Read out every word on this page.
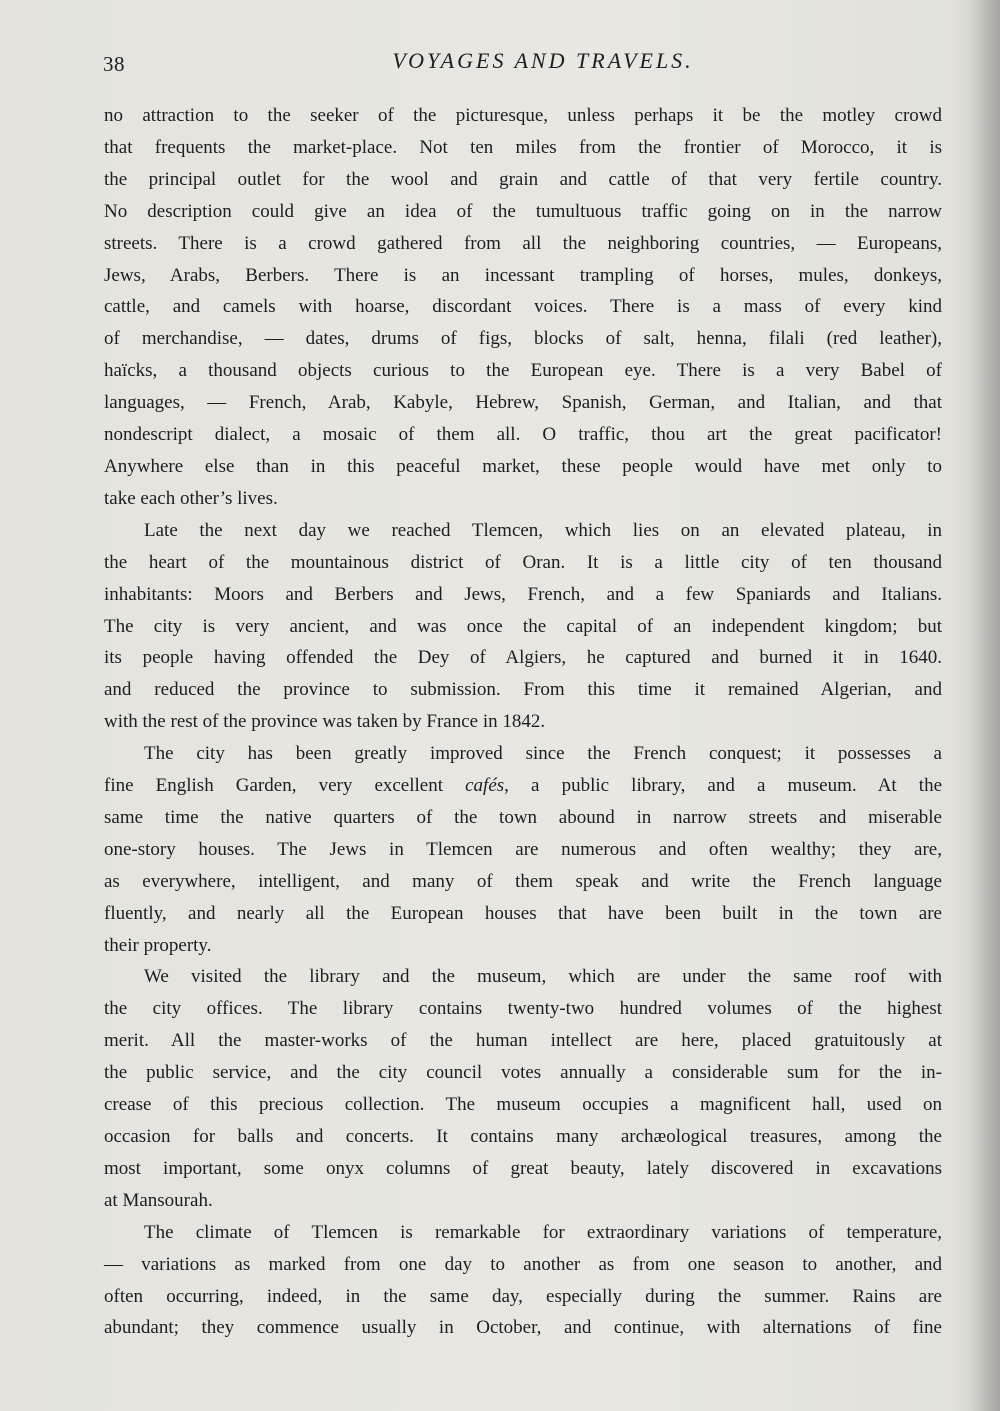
38	VOYAGES AND TRAVELS.
no attraction to the seeker of the picturesque, unless perhaps it be the motley crowd
that frequents the market-place. Not ten miles from the frontier of Morocco, it is
the principal outlet for the wool and grain and cattle of that very fertile country.
No description could give an idea of the tumultuous traffic going on in the narrow
streets. There is a crowd gathered from all the neighboring countries, — Europeans,
Jews, Arabs, Berbers. There is an incessant trampling of horses, mules, donkeys,
cattle, and camels with hoarse, discordant voices. There is a mass of every kind
of merchandise, — dates, drums of figs, blocks of salt, henna, filali (red leather),
haïcks, a thousand objects curious to the European eye. There is a very Babel of
languages, — French, Arab, Kabyle, Hebrew, Spanish, German, and Italian, and that
nondescript dialect, a mosaic of them all. O traffic, thou art the great pacificator!
Anywhere else than in this peaceful market, these people would have met only to
take each other’s lives.
Late the next day we reached Tlemcen, which lies on an elevated plateau, in
the heart of the mountainous district of Oran. It is a little city of ten thousand
inhabitants: Moors and Berbers and Jews, French, and a few Spaniards and Italians.
The city is very ancient, and was once the capital of an independent kingdom; but
its people having offended the Dey of Algiers, he captured and burned it in 1640.
and reduced the province to submission. From this time it remained Algerian, and
with the rest of the province was taken by France in 1842.
The city has been greatly improved since the French conquest; it possesses a
fine English Garden, very excellent cafés, a public library, and a museum. At the
same time the native quarters of the town abound in narrow streets and miserable
one-story houses. The Jews in Tlemcen are numerous and often wealthy; they are,
as everywhere, intelligent, and many of them speak and write the French language
fluently, and nearly all the European houses that have been built in the town are
their property.
We visited the library and the museum, which are under the same roof with
the city offices. The library contains twenty-two hundred volumes of the highest
merit. All the master-works of the human intellect are here, placed gratuitously at
the public service, and the city council votes annually a considerable sum for the in-
crease of this precious collection. The museum occupies a magnificent hall, used on
occasion for balls and concerts. It contains many archæological treasures, among the
most important, some onyx columns of great beauty, lately discovered in excavations
at Mansourah.
The climate of Tlemcen is remarkable for extraordinary variations of temperature,
— variations as marked from one day to another as from one season to another, and
often occurring, indeed, in the same day, especially during the summer. Rains are
abundant; they commence usually in October, and continue, with alternations of fine
